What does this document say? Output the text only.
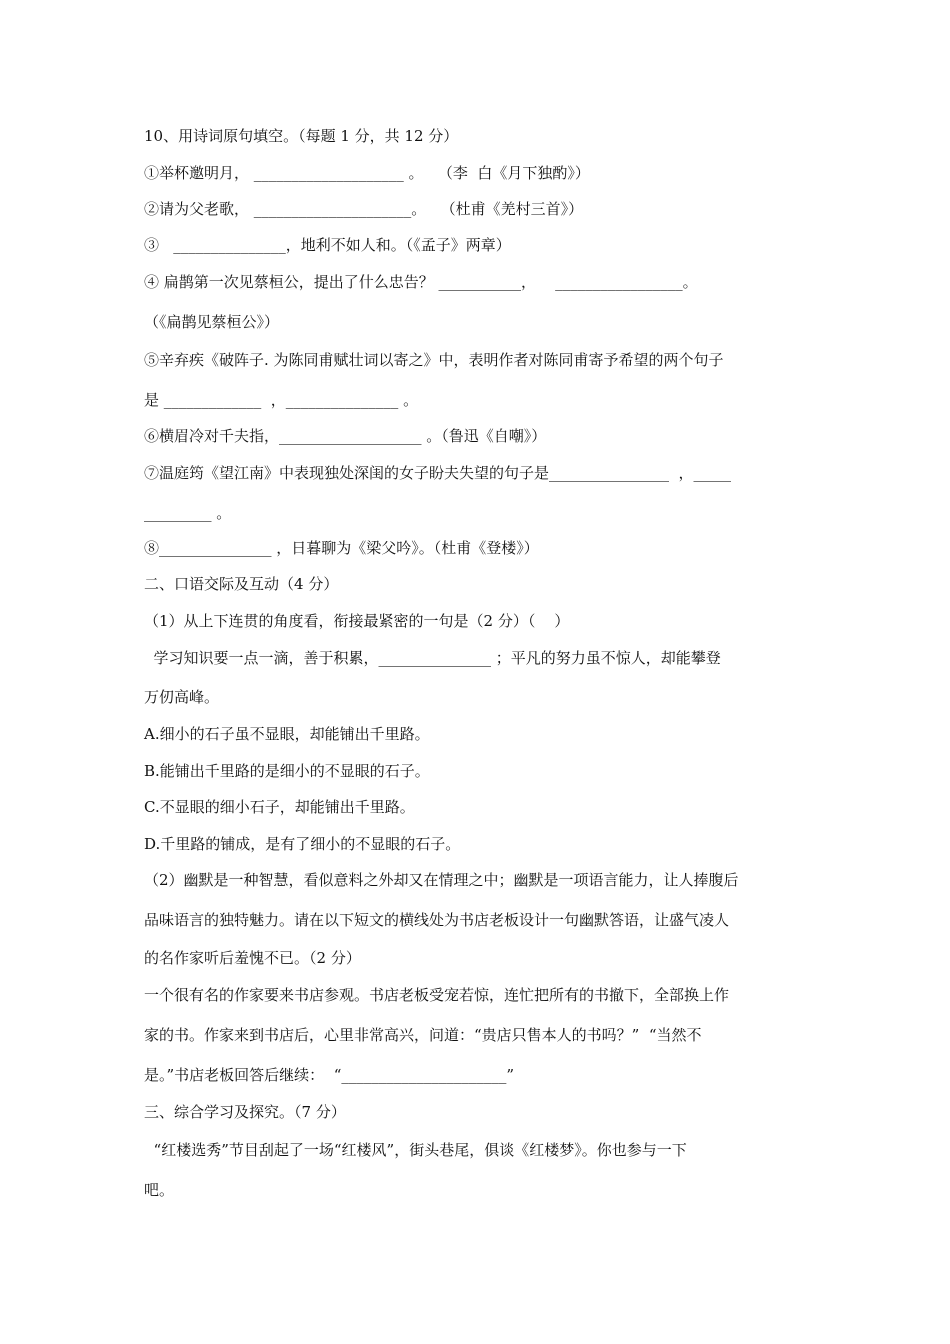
10、用诗词原句填空。（每题 1 分，共 12 分）
①举杯邀明月， ____________________ 。   （李  白《月下独酌》）
②请为父老歌， _____________________。   （杜甫《羌村三首》）
③   _______________，地利不如人和。（《孟子》两章）
④ 扁鹊第一次见蔡桓公，提出了什么忠告？ ___________，    _________________。
（《扁鹊见蔡桓公》）
⑤辛弃疾《破阵子. 为陈同甫赋壮词以寄之》中，表明作者对陈同甫寄予希望的两个句子
是 _____________  ，_______________ 。
⑥横眉冷对千夫指，___________________ 。（鲁迅《自嘲》）
⑦温庭筠《望江南》中表现独处深闺的女子盼夫失望的句子是________________  ，_____
_________ 。
⑧_______________ ，日暮聊为《梁父吟》。（杜甫《登楼》）
二、口语交际及互动（4 分）
（1）从上下连贯的角度看，衔接最紧密的一句是（2 分）（    ）
学习知识要一点一滴，善于积累，_______________ ；平凡的努力虽不惊人，却能攀登
万仞高峰。
A.细小的石子虽不显眼，却能铺出千里路。
B.能铺出千里路的是细小的不显眼的石子。
C.不显眼的细小石子，却能铺出千里路。
D.千里路的铺成，是有了细小的不显眼的石子。
（2）幽默是一种智慧，看似意料之外却又在情理之中；幽默是一项语言能力，让人捧腹后
品味语言的独特魅力。请在以下短文的横线处为书店老板设计一句幽默答语，让盛气凌人
的名作家听后羞愧不已。（2 分）
一个很有名的作家要来书店参观。书店老板受宠若惊，连忙把所有的书撤下，全部换上作
家的书。作家来到书店后，心里非常高兴，问道：“贵店只售本人的书吗？”  “当然不
是。”书店老板回答后继续：  “______________________”
三、综合学习及探究。（7 分）
“红楼选秀”节目刮起了一场“红楼风”，街头巷尾，俱谈《红楼梦》。你也参与一下
吧。
